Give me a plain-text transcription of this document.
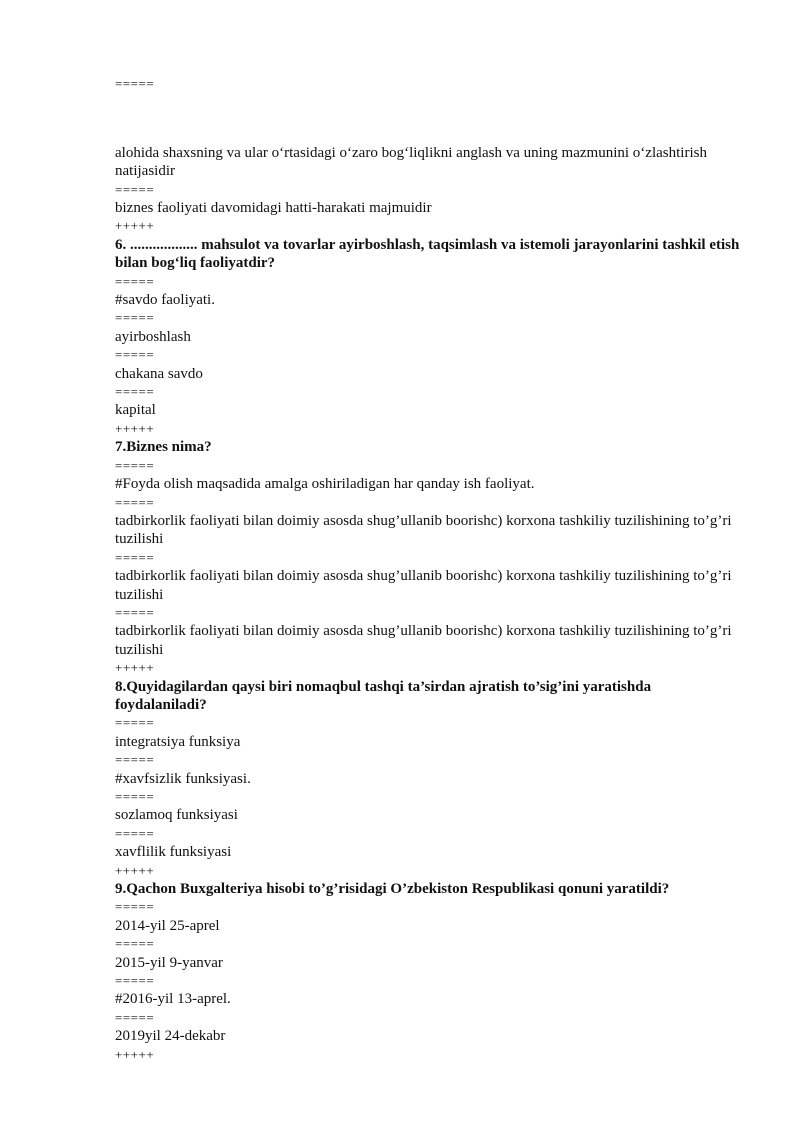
=====

alohida shaxsning va ular o‘rtasidagi o‘zaro bog‘liqlikni anglash va uning mazmunini o‘zlashtirish natijasidir

=====

biznes faoliyati davomidagi hatti-harakati majmuidir

+++++

6. .................. mahsulot va tovarlar ayirboshlash, taqsimlash va istemoli jarayonlarini tashkil etish bilan bog‘liq faoliyatdir?

=====

#savdo faoliyati.

=====

ayirboshlash

=====

chakana savdo

=====

kapital

+++++

7.Biznes nima?

=====

#Foyda olish maqsadida amalga oshiriladigan har qanday ish faoliyat.

=====

tadbirkorlik faoliyati bilan doimiy asosda shug’ullanib boorishc) korxona tashkiliy tuzilishining to’g’ri tuzilishi

=====

tadbirkorlik faoliyati bilan doimiy asosda shug’ullanib boorishc) korxona tashkiliy tuzilishining to’g’ri tuzilishi

=====

tadbirkorlik faoliyati bilan doimiy asosda shug’ullanib boorishc) korxona tashkiliy tuzilishining to’g’ri tuzilishi

+++++

8.Quyidagilardan qaysi biri nomaqbul tashqi ta’sirdan ajratish to’sig’ini yaratishda foydalaniladi?

=====

integratsiya funksiya

=====

#xavfsizlik funksiyasi.

=====

sozlamoq funksiyasi

=====

xavflilik funksiyasi

+++++

9.Qachon Buxgalteriya hisobi to’g’risidagi O’zbekiston Respublikasi qonuni yaratildi?

=====

2014-yil 25-aprel

=====

2015-yil 9-yanvar

=====

#2016-yil 13-aprel.

=====

2019yil 24-dekabr

+++++
